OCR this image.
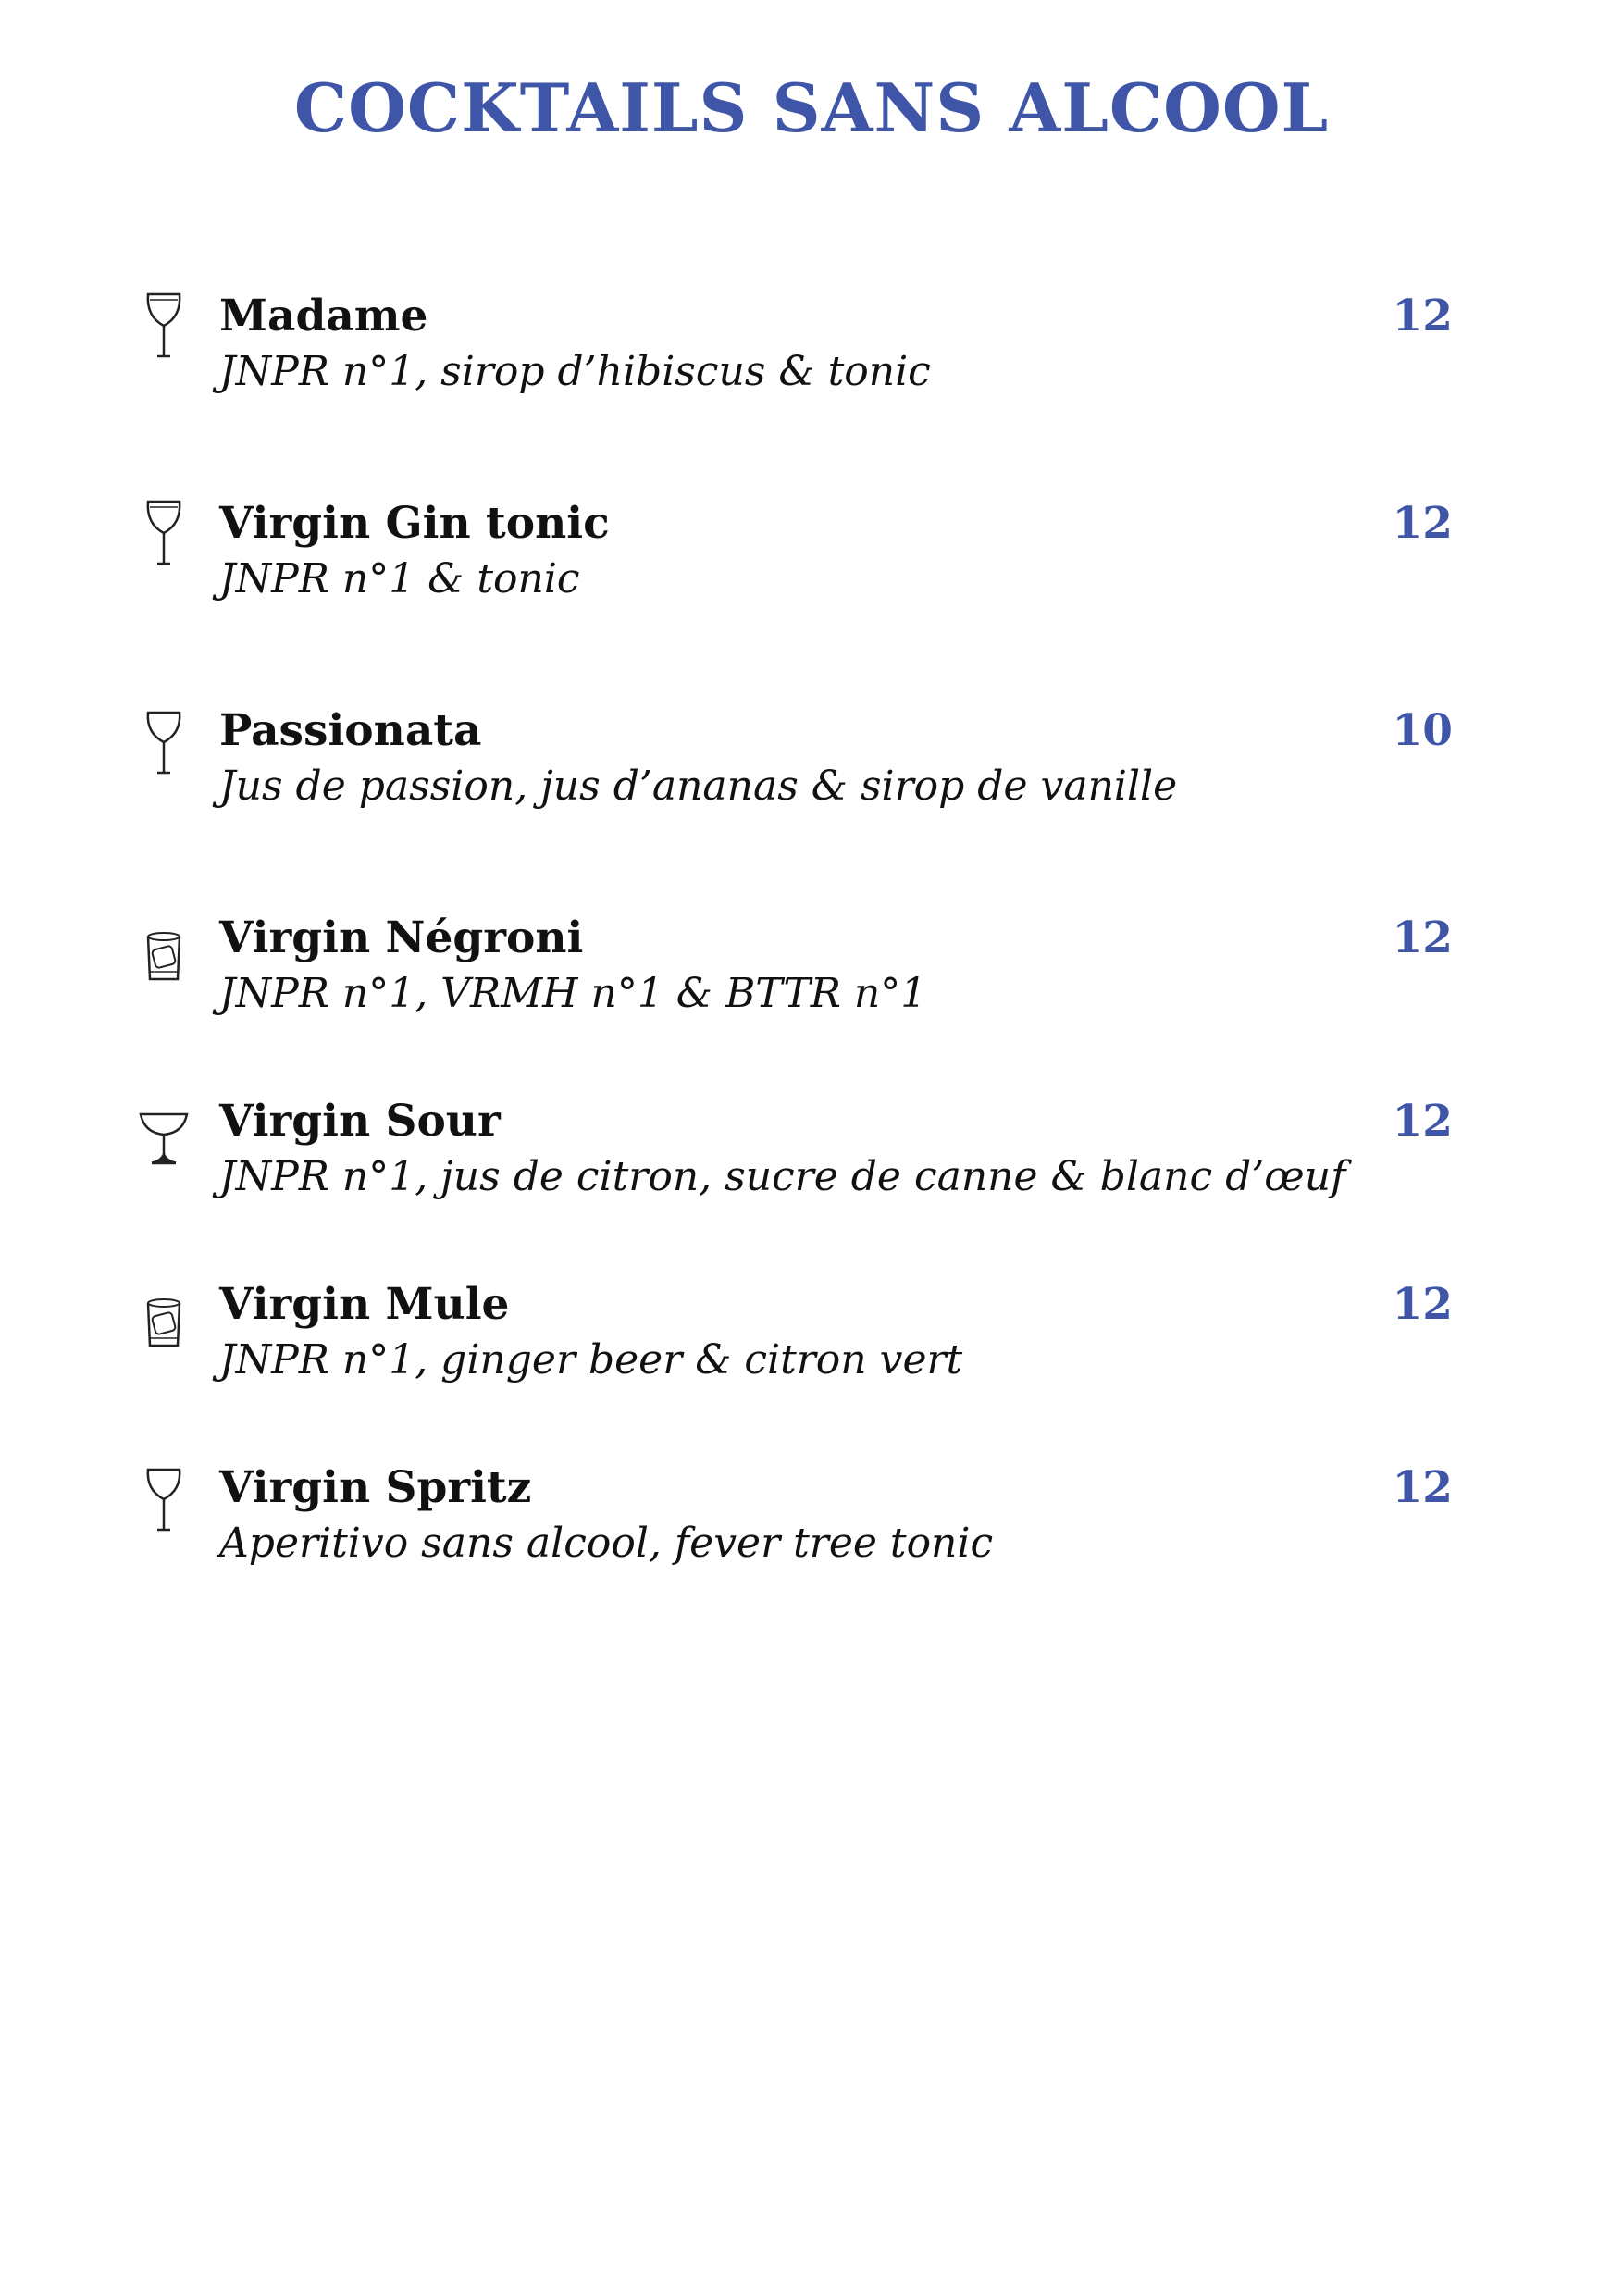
COCKTAILS SANS ALCOOL
Madame
JNPR n°1, sirop d’hibiscus & tonic
12
Virgin Gin tonic
JNPR n°1 & tonic
12
Passionata
Jus de passion, jus d’ananas & sirop de vanille
10
Virgin Négroni
JNPR n°1, VRMH n°1 & BTTR n°1
12
Virgin Sour
JNPR n°1, jus de citron, sucre de canne & blanc d’œuf
12
Virgin Mule
JNPR n°1, ginger beer & citron vert
12
Virgin Spritz
Aperitivo sans alcool, fever tree tonic
12
